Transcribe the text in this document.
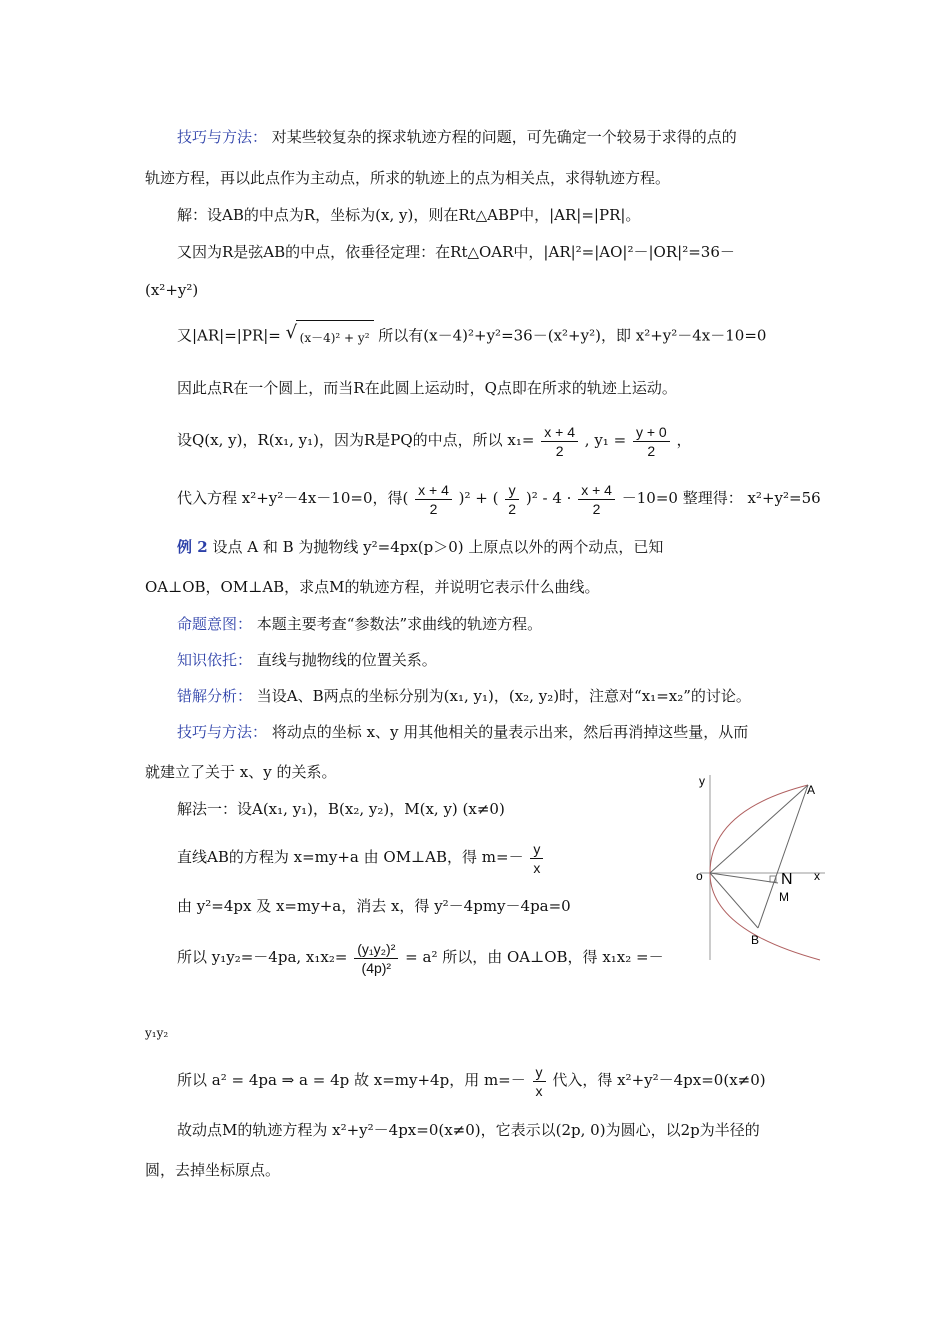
技巧与方法： 对某些较复杂的探求轨迹方程的问题，可先确定一个较易于求得的点的
轨迹方程，再以此点作为主动点，所求的轨迹上的点为相关点，求得轨迹方程。
解：设AB的中点为R，坐标为(x, y)，则在Rt△ABP中，|AR|=|PR|。
又因为R是弦AB的中点，依垂径定理：在Rt△OAR中，|AR|²=|AO|²－|OR|²=36－
(x²+y²)
又|AR|=|PR|= √ (x－4)² + y² 所以有(x－4)²+y²=36－(x²+y²)，即 x²+y²－4x－10=0
因此点R在一个圆上，而当R在此圆上运动时，Q点即在所求的轨迹上运动。
设Q(x, y)，R(x₁, y₁)，因为R是PQ的中点，所以 $x_1= \frac{x + 4}{2}$ , $y_1 = \frac{y + 0}{2}$ ，
代入方程 x²+y²－4x－10=0，得( $\frac{x + 4}{2} )^2$ + ( $\frac{y}{2} )^2 - 4 \cdot \frac{x + 4}{2} -10=0$ 整理得： x²+y²=56
例 2 设点 A 和 B 为抛物线 y²=4px(p＞0) 上原点以外的两个动点，已知
OA⊥OB，OM⊥AB，求点M的轨迹方程，并说明它表示什么曲线。
命题意图： 本题主要考查“参数法”求曲线的轨迹方程。
知识依托： 直线与抛物线的位置关系。
错解分析： 当设A、B两点的坐标分别为(x₁, y₁)，(x₂, y₂)时，注意对“x₁=x₂”的讨论。
技巧与方法： 将动点的坐标 x、y 用其他相关的量表示出来，然后再消掉这些量，从而
就建立了关于 x、y 的关系。
解法一：设A(x₁, y₁)，B(x₂, y₂)，M(x, y) (x≠0)
直线AB的方程为 x=my+a 由 OM⊥AB，得 $m=- \frac{y}{x}$
由 y²=4px 及 x=my+a，消去 x，得 y²－4pmy－4pa=0
所以 y₁y₂=－4pa, $x_1x_2= \frac{\text{(y₁y₂)²}}{\text{(4p)²}} = a^2$ 所以，由 OA⊥OB，得 x₁x₂ =－
y₁y₂
所以 a² = 4pa ⇒ a = 4p 故 x=my+4p，用 $m=- \frac{y}{x}$ 代入，得 x²+y²－4px=0(x≠0)
故动点M的轨迹方程为 x²+y²－4px=0(x≠0)，它表示以(2p, 0)为圆心，以2p为半径的
圆，去掉坐标原点。
y
x
o
A
B
N
M
